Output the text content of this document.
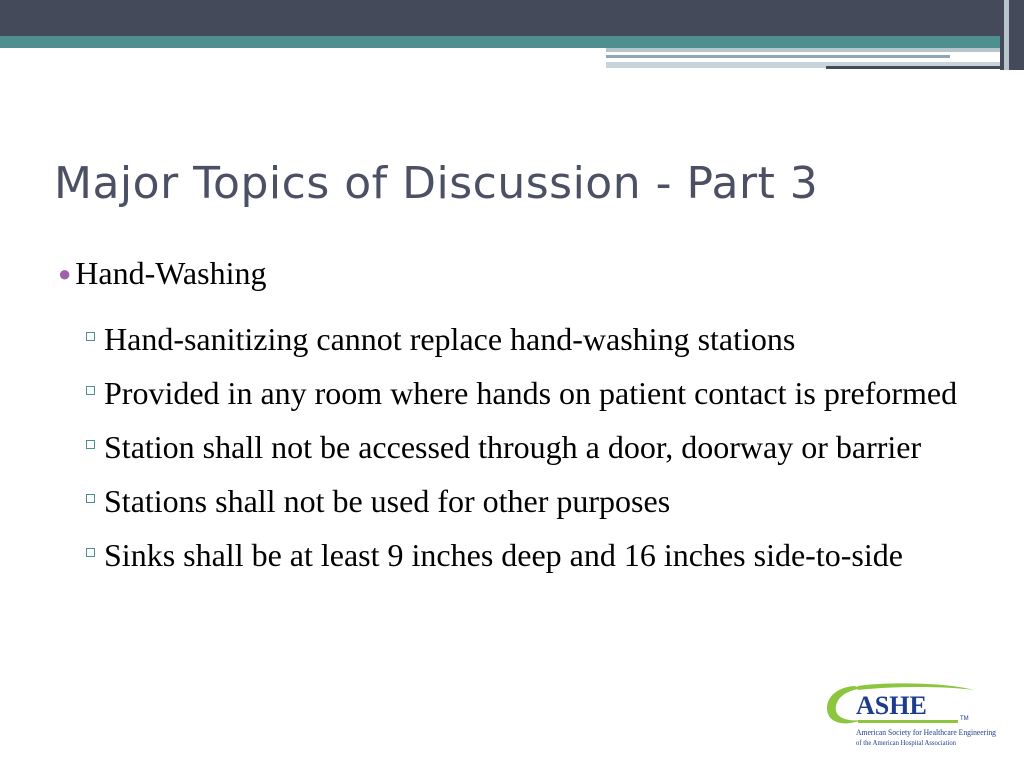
Major Topics of Discussion - Part 3
● Hand-Washing
Hand-sanitizing cannot replace hand-washing stations
Provided in any room where hands on patient contact is preformed
Station shall not be accessed through a door, doorway or barrier
Stations shall not be used for other purposes
Sinks shall be at least 9 inches deep and 16 inches side-to-side
ASHE	TM
American Society for Healthcare Engineering
of the American Hospital Association
